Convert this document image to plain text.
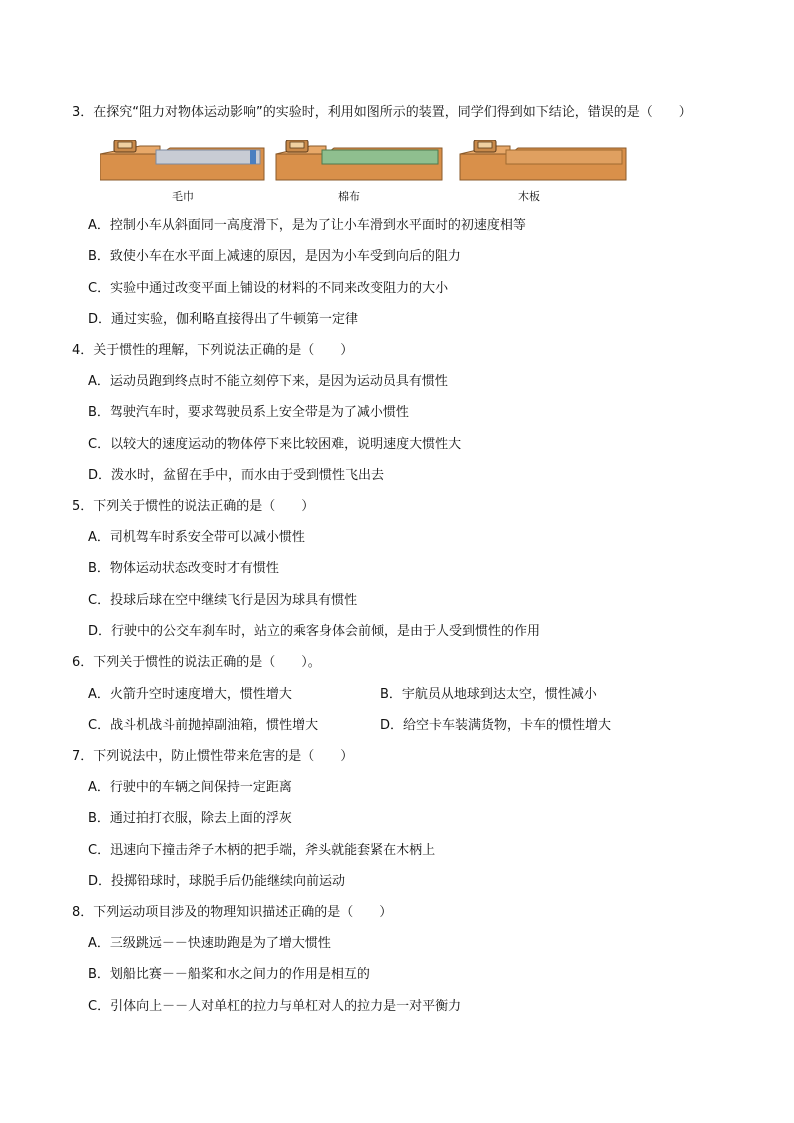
3．在探究“阻力对物体运动影响”的实验时，利用如图所示的装置，同学们得到如下结论，错误的是（　　）
毛巾	棉布	木板
A．控制小车从斜面同一高度滑下，是为了让小车滑到水平面时的初速度相等
B．致使小车在水平面上减速的原因，是因为小车受到向后的阻力
C．实验中通过改变平面上铺设的材料的不同来改变阻力的大小
D．通过实验，伽利略直接得出了牛顿第一定律
4．关于惯性的理解，下列说法正确的是（　　）
A．运动员跑到终点时不能立刻停下来，是因为运动员具有惯性
B．驾驶汽车时，要求驾驶员系上安全带是为了减小惯性
C．以较大的速度运动的物体停下来比较困难，说明速度大惯性大
D．泼水时，盆留在手中，而水由于受到惯性飞出去
5．下列关于惯性的说法正确的是（　　）
A．司机驾车时系安全带可以减小惯性
B．物体运动状态改变时才有惯性
C．投球后球在空中继续飞行是因为球具有惯性
D．行驶中的公交车刹车时，站立的乘客身体会前倾，是由于人受到惯性的作用
6．下列关于惯性的说法正确的是（　　）。
A．火箭升空时速度增大，惯性增大	B．宇航员从地球到达太空，惯性减小
C．战斗机战斗前抛掉副油箱，惯性增大	D．给空卡车装满货物，卡车的惯性增大
7．下列说法中，防止惯性带来危害的是（　　）
A．行驶中的车辆之间保持一定距离
B．通过拍打衣服，除去上面的浮灰
C．迅速向下撞击斧子木柄的把手端，斧头就能套紧在木柄上
D．投掷铅球时，球脱手后仍能继续向前运动
8．下列运动项目涉及的物理知识描述正确的是（　　）
A．三级跳远－－快速助跑是为了增大惯性
B．划船比赛－－船桨和水之间力的作用是相互的
C．引体向上－－人对单杠的拉力与单杠对人的拉力是一对平衡力
